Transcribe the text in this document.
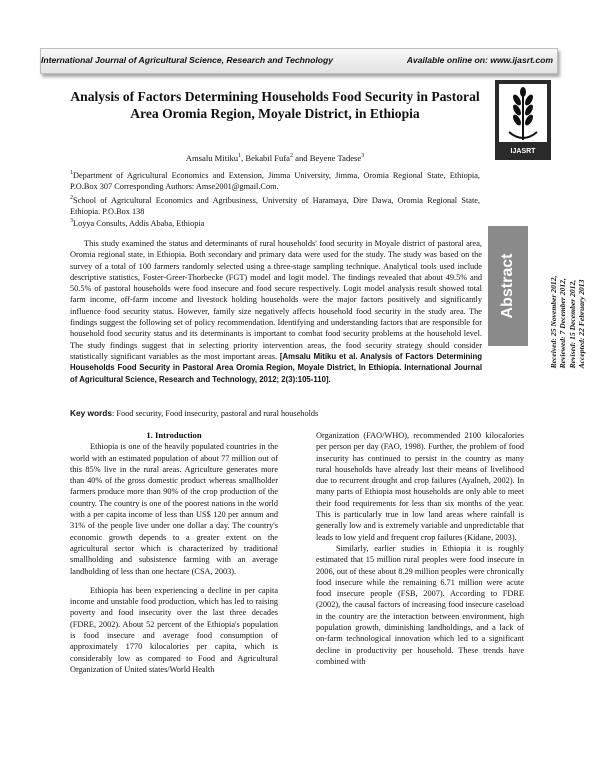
International Journal of Agricultural Science, Research and Technology	Available online on: www.ijasrt.com
Analysis of Factors Determining Households Food Security in Pastoral Area Oromia Region, Moyale District, in Ethiopia
IJASRT
Amsalu Mitiku$^1$, Bekabil Fufa$^2$ and Beyene Tadese$^3$

$^1$Department of Agricultural Economics and Extension, Jimma University, Jimma, Oromia Regional State, Ethiopia, P.O.Box 307 Corresponding Authors: Amse2001@gmail.Com.

$^2$School of Agricultural Economics and Agribusiness, University of Haramaya, Dire Dawa, Oromia Regional State, Ethiopia. P.O.Box 138

$^3$Loyya Consults, Addis Ababa, Ethiopia

This study examined the status and determinants of rural households' food security in Moyale district of pastoral area, Oromia regional state, in Ethiopia. Both secondary and primary data were used for the study. The study was based on the survey of a total of 100 farmers randomly selected using a three-stage sampling technique. Analytical tools used include descriptive statistics, Foster-Greer-Thorbecke (FGT) model and logit model. The findings revealed that about 49.5% and 50.5% of pastoral households were food insecure and food secure respectively. Logit model analysis result showed total farm income, off-farm income and livestock holding households were the major factors positively and significantly influence food security status. However, family size negatively affects household food security in the study area. The findings suggest the following set of policy recommendation. Identifying and understanding factors that are responsible for household food security status and its determinants is important to combat food security problems at the household level. The study findings suggest that in selecting priority intervention areas, the food security strategy should consider statistically significant variables as the most important areas. [Amsalu Mitiku et al. Analysis of Factors Determining Households Food Security in Pastoral Area Oromia Region, Moyale District, In Ethiopia. International Journal of Agricultural Science, Research and Technology, 2012; 2(3):105-110].

Key words: Food security, Food insecurity, pastoral and rural households

Abstract	Received: 25 November 2012, Reviewed: 7 December 2012, Revised: 15 December 2012, Accepted: 22 February 2013

1. Introduction

Ethiopia is one of the heavily populated countries in the world with an estimated population of about 77 million out of this 85% live in the rural areas. Agriculture generates more than 40% of the gross domestic product whereas smallholder farmers produce more than 90% of the crop production of the country. The country is one of the poorest nations in the world with a per capita income of less than US$ 120 per annum and 31% of the people live under one dollar a day. The country's economic growth depends to a greater extent on the agricultural sector which is characterized by traditional smallholding and subsistence farming with an average landholding of less than one hectare (CSA, 2003).

Ethiopia has been experiencing a decline in per capita income and unstable food production, which has led to raising poverty and food insecurity over the last three decades (FDRE, 2002). About 52 percent of the Ethiopia's population is food insecure and average food consumption of approximately 1770 kilocalories per capita, which is considerably low as compared to Food and Agricultural Organization of United states/World Health

Organization (FAO/WHO), recommended 2100 kilocalories per person per day (FAO, 1998). Further, the problem of food insecurity has continued to persist in the country as many rural households have already lost their means of livelihood due to recurrent drought and crop failures (Ayalneh, 2002). In many parts of Ethiopia most households are only able to meet their food requirements for less than six months of the year. This is particularly true in low land areas where rainfall is generally low and is extremely variable and unpredictable that leads to low yield and frequent crop failures (Kidane, 2003).

Similarly, earlier studies in Ethiopia it is roughly estimated that 15 million rural peoples were food insecure in 2006, out of these about 8.29 million peoples were chronically food insecure while the remaining 6.71 million were acute food insecure people (FSB, 2007). According to FDRE (2002), the causal factors of increasing food insecure caseload in the country are the interaction between environment, high population growth, diminishing landholdings, and a lack of on-farm technological innovation which led to a significant decline in productivity per household. These trends have combined with
